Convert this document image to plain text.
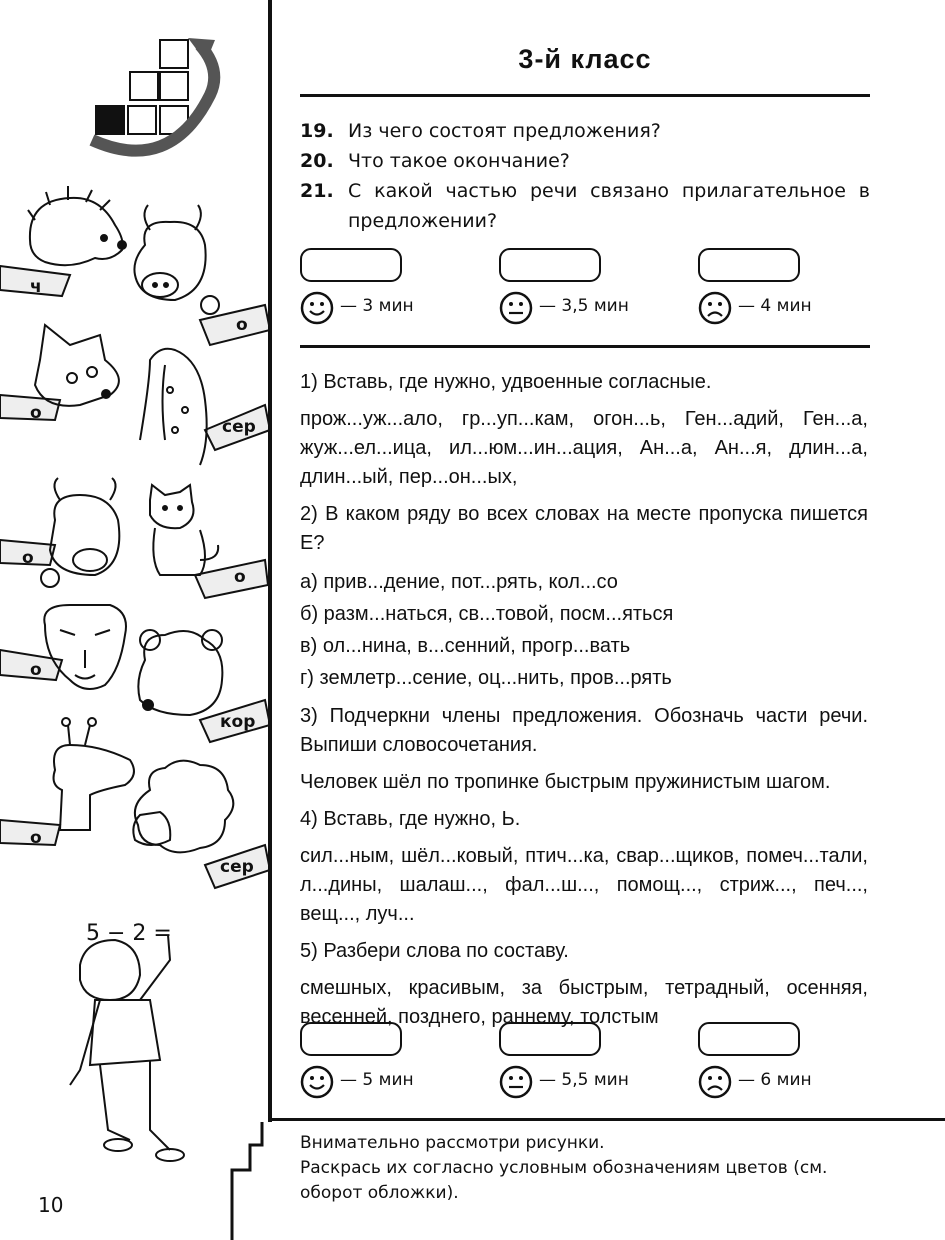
ч
о
о
сер
о
о
о
кор
о
сер
5 − 2 =
10
3-й класс
19. Из чего состоят предложения?
20. Что такое окончание?
21. С какой частью речи связано прилагательное в предложении?
— 3 мин	— 3,5 мин	— 4 мин
1) Вставь, где нужно, удвоенные согласные.
прож...уж...ало, гр...уп...кам, огон...ь, Ген...адий, Ген...а, жуж...ел...ица, ил...юм...ин...ация, Ан...а, Ан...я, длин...а, длин...ый, пер...он...ых,
2) В каком ряду во всех словах на месте пропуска пишется Е?
а) прив...дение, пот...рять, кол...со
б) разм...наться, св...товой, посм...яться
в) ол...нина, в...сенний, прогр...вать
г) землетр...сение, оц...нить, пров...рять
3) Подчеркни члены предложения. Обозначь части речи. Выпиши словосочетания.
Человек шёл по тропинке быстрым пружинистым шагом.
4) Вставь, где нужно, Ь.
сил...ным, шёл...ковый, птич...ка, свар...щиков, помеч...тали, л...дины, шалаш..., фал...ш..., помощ..., стриж..., печ..., вещ..., луч...
5) Разбери слова по составу.
смешных, красивым, за быстрым, тетрадный, осенняя, весенней, позднего, раннему, толстым
— 5 мин	— 5,5 мин	— 6 мин
Внимательно рассмотри рисунки.
Раскрась их согласно условным обозначениям цветов (см. оборот обложки).
